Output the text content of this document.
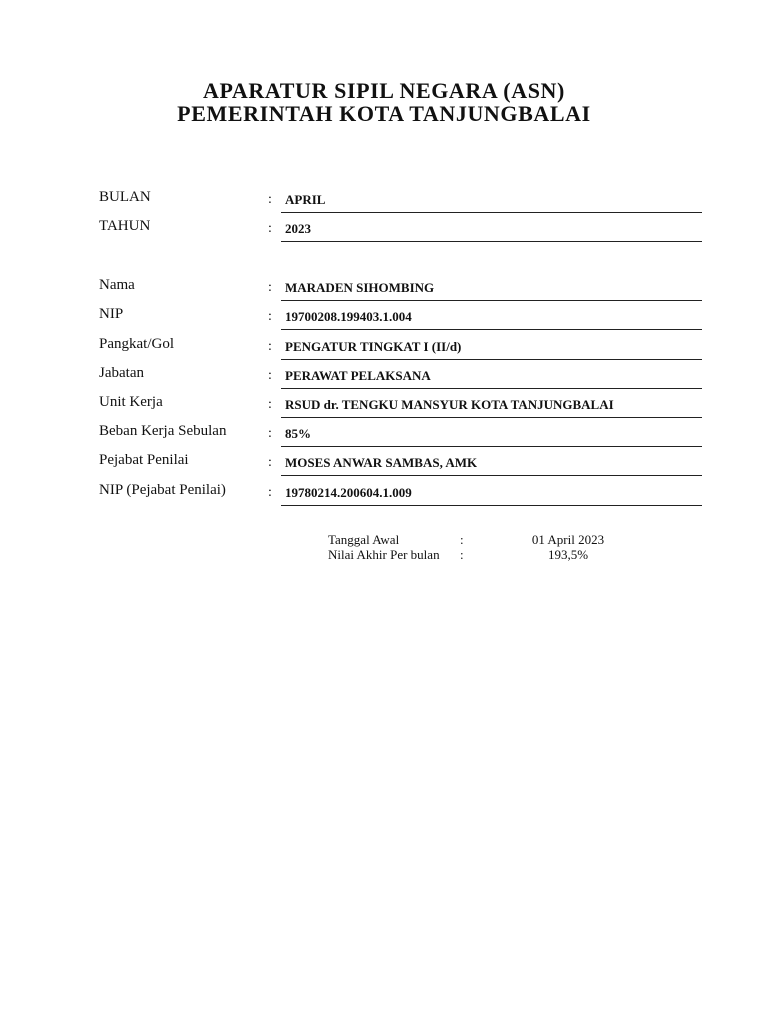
APARATUR SIPIL NEGARA (ASN)
PEMERINTAH KOTA TANJUNGBALAI
BULAN	: APRIL
TAHUN	: 2023
Nama	: MARADEN SIHOMBING
NIP	: 19700208.199403.1.004
Pangkat/Gol	: PENGATUR TINGKAT I (II/d)
Jabatan	: PERAWAT PELAKSANA
Unit Kerja	: RSUD dr. TENGKU MANSYUR KOTA TANJUNGBALAI
Beban Kerja Sebulan	: 85%
Pejabat Penilai	: MOSES ANWAR SAMBAS, AMK
NIP (Pejabat Penilai)	: 19780214.200604.1.009
Tanggal Awal	:	01 April 2023
Nilai Akhir Per bulan :	193,5%
